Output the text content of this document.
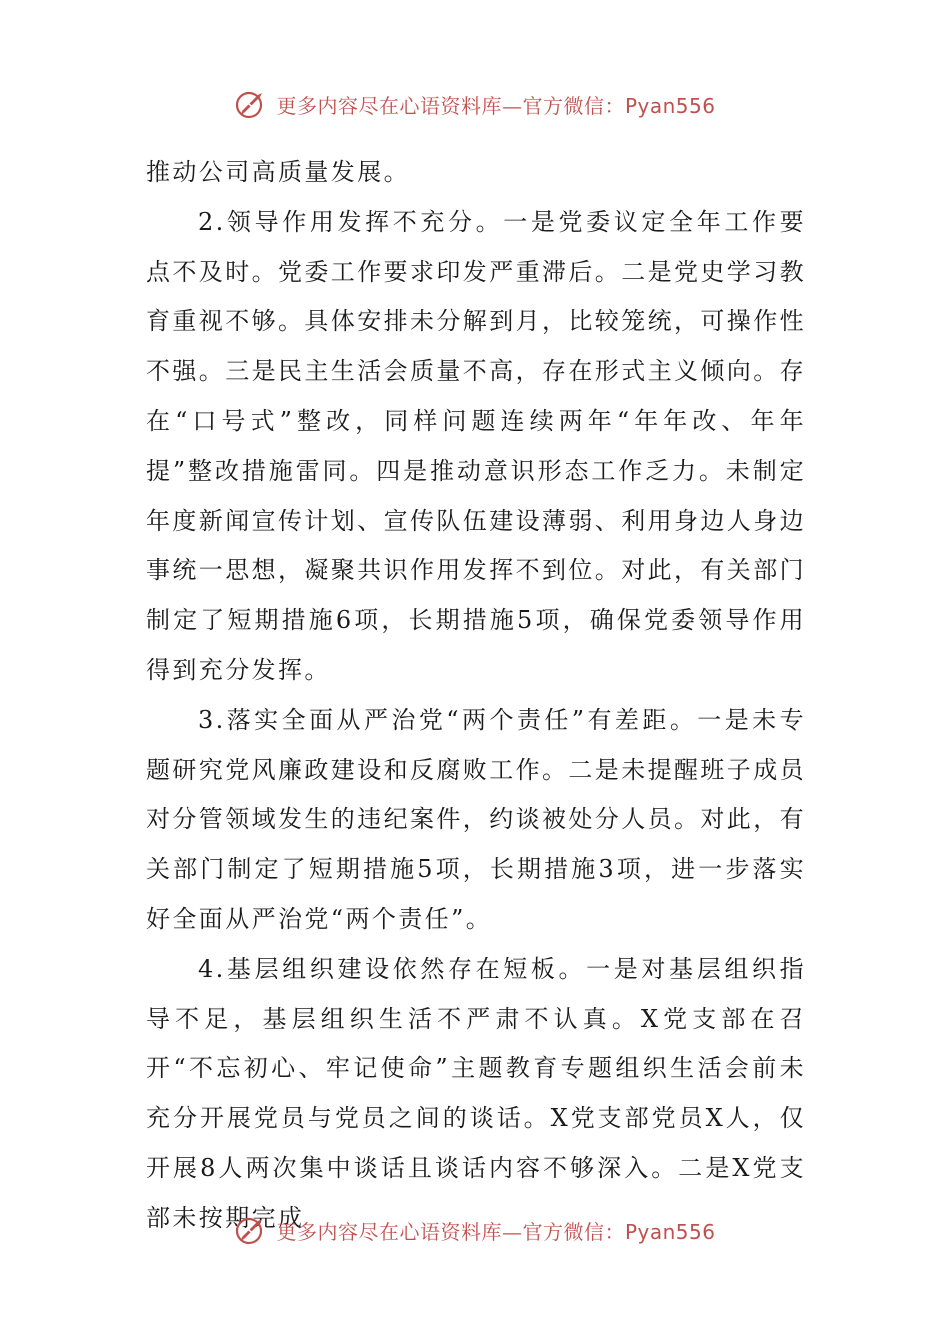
更多内容尽在心语资料库—官方微信：Pyan556

推动公司高质量发展。

2.领导作用发挥不充分。一是党委议定全年工作要点不及时。党委工作要求印发严重滞后。二是党史学习教育重视不够。具体安排未分解到月，比较笼统，可操作性不强。三是民主生活会质量不高，存在形式主义倾向。存在“口号式”整改，同样问题连续两年“年年改、年年提”整改措施雷同。四是推动意识形态工作乏力。未制定年度新闻宣传计划、宣传队伍建设薄弱、利用身边人身边事统一思想，凝聚共识作用发挥不到位。对此，有关部门制定了短期措施6项，长期措施5项，确保党委领导作用得到充分发挥。

3.落实全面从严治党“两个责任”有差距。一是未专题研究党风廉政建设和反腐败工作。二是未提醒班子成员对分管领域发生的违纪案件，约谈被处分人员。对此，有关部门制定了短期措施5项，长期措施3项，进一步落实好全面从严治党“两个责任”。

4.基层组织建设依然存在短板。一是对基层组织指导不足，基层组织生活不严肃不认真。X党支部在召开“不忘初心、牢记使命”主题教育专题组织生活会前未充分开展党员与党员之间的谈话。X党支部党员X人，仅开展8人两次集中谈话且谈话内容不够深入。二是X党支部未按期完成

更多内容尽在心语资料库—官方微信：Pyan556
